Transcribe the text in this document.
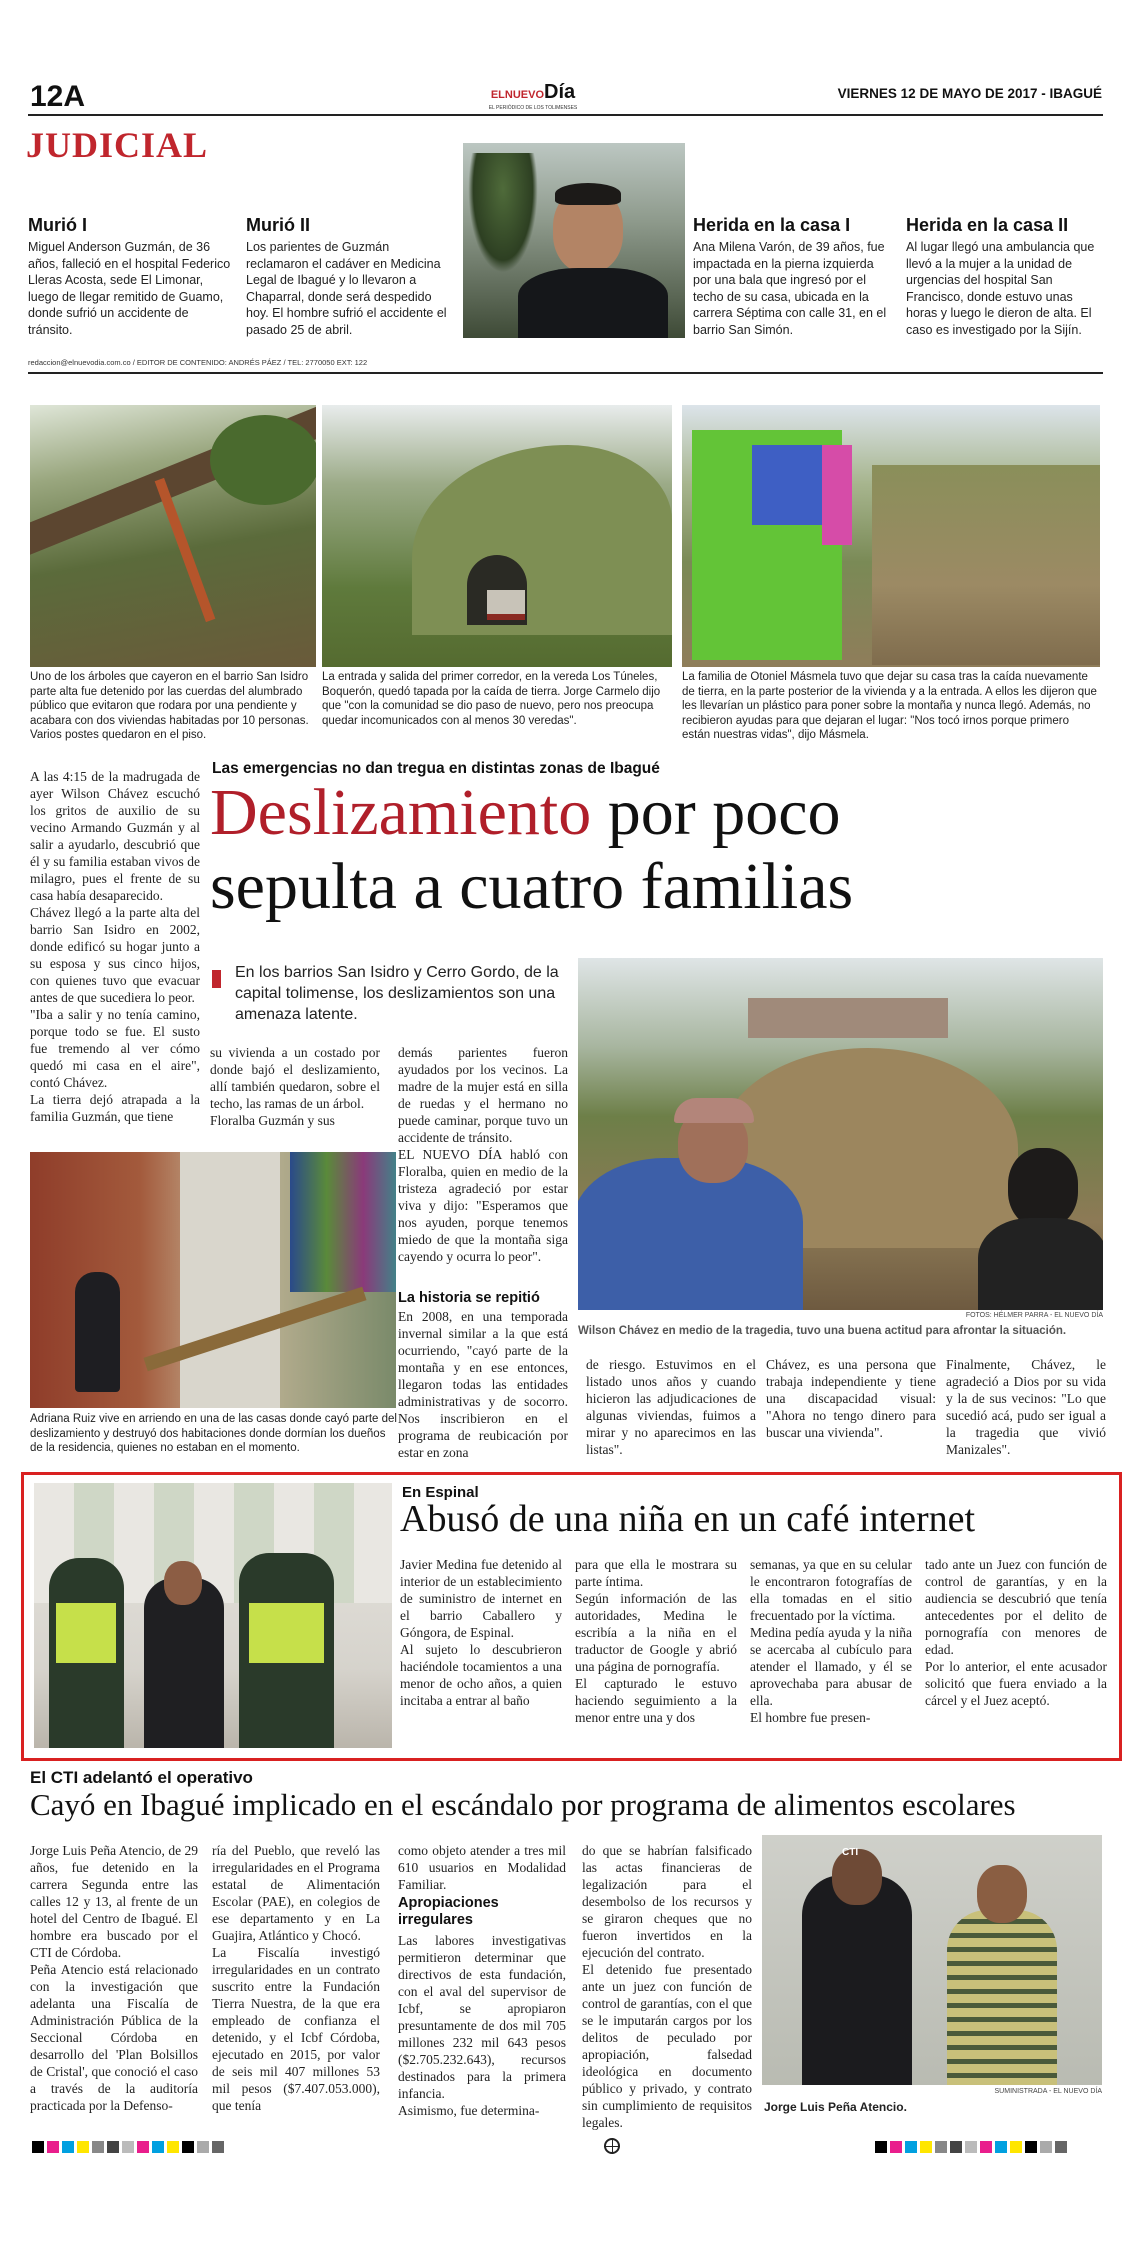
12A	ELNUEVODía
EL PERIÓDICO DE LOS TOLIMENSES
VIERNES 12 DE MAYO DE 2017 - IBAGUÉ
JUDICIAL
Murió I
Miguel Anderson Guzmán, de 36 años, falleció en el hospital Federico Lleras Acosta, sede El Limonar, luego de llegar remitido de Guamo, donde sufrió un accidente de tránsito.
Murió II
Los parientes de Guzmán reclamaron el cadáver en Medicina Legal de Ibagué y lo llevaron a Chaparral, donde será despedido hoy. El hombre sufrió el accidente el pasado 25 de abril.
Herida en la casa I
Ana Milena Varón, de 39 años, fue impactada en la pierna izquierda por una bala que ingresó por el techo de su casa, ubicada en la carrera Séptima con calle 31, en el barrio San Simón.
Herida en la casa II
Al lugar llegó una ambulancia que llevó a la mujer a la unidad de urgencias del hospital San Francisco, donde estuvo unas horas y luego le dieron de alta. El caso es investigado por la Sijín.
redaccion@elnuevodia.com.co / EDITOR DE CONTENIDO: ANDRÉS PÁEZ / TEL: 2770050 EXT: 122
Uno de los árboles que cayeron en el barrio San Isidro parte alta fue detenido por las cuerdas del alumbrado público que evitaron que rodara por una pendiente y acabara con dos viviendas habitadas por 10 personas. Varios postes quedaron en el piso.
La entrada y salida del primer corredor, en la vereda Los Túneles, Boquerón, quedó tapada por la caída de tierra. Jorge Carmelo dijo que "con la comunidad se dio paso de nuevo, pero nos preocupa quedar incomunicados con al menos 30 veredas".
La familia de Otoniel Másmela tuvo que dejar su casa tras la caída nuevamente de tierra, en la parte posterior de la vivienda y a la entrada. A ellos les dijeron que les llevarían un plástico para poner sobre la montaña y nunca llegó. Además, no recibieron ayudas para que dejaran el lugar: "Nos tocó irnos porque primero están nuestras vidas", dijo Másmela.
A las 4:15 de la madrugada de ayer Wilson Chávez escuchó los gritos de auxilio de su vecino Armando Guzmán y al salir a ayudarlo, descubrió que él y su familia estaban vivos de milagro, pues el frente de su casa había desaparecido.
Chávez llegó a la parte alta del barrio San Isidro en 2002, donde edificó su hogar junto a su esposa y sus cinco hijos, con quienes tuvo que evacuar antes de que sucediera lo peor.
"Iba a salir y no tenía camino, porque todo se fue. El susto fue tremendo al ver cómo quedó mi casa en el aire", contó Chávez.
La tierra dejó atrapada a la familia Guzmán, que tiene
Las emergencias no dan tregua en distintas zonas de Ibagué
Deslizamiento por poco
sepulta a cuatro familias
En los barrios San Isidro y Cerro Gordo, de la capital tolimense, los deslizamientos son una amenaza latente.
su vivienda a un costado por donde bajó el deslizamiento, allí también quedaron, sobre el techo, las ramas de un árbol.
Floralba Guzmán y sus
demás parientes fueron ayudados por los vecinos. La madre de la mujer está en silla de ruedas y el hermano no puede caminar, porque tuvo un accidente de tránsito.
EL NUEVO DÍA habló con Floralba, quien en medio de la tristeza agradeció por estar viva y dijo: "Esperamos que nos ayuden, porque tenemos miedo de que la montaña siga cayendo y ocurra lo peor".
La historia se repitió
En 2008, en una temporada invernal similar a la que está ocurriendo, "cayó parte de la montaña y en ese entonces, llegaron todas las entidades administrativas y de socorro. Nos inscribieron en el programa de reubicación por estar en zona
FOTOS: HÉLMER PARRA - EL NUEVO DÍA
Wilson Chávez en medio de la tragedia, tuvo una buena actitud para afrontar la situación.
Adriana Ruiz vive en arriendo en una de las casas donde cayó parte del deslizamiento y destruyó dos habitaciones donde dormían los dueños de la residencia, quienes no estaban en el momento.
de riesgo. Estuvimos en el listado unos años y cuando hicieron las adjudicaciones de algunas viviendas, fuimos a mirar y no aparecimos en las listas".
Chávez, es una persona que trabaja independiente y tiene una discapacidad visual: "Ahora no tengo dinero para buscar una vivienda".
Finalmente, Chávez, le agradeció a Dios por su vida y la de sus vecinos: "Lo que sucedió acá, pudo ser igual a la tragedia que vivió Manizales".
En Espinal
Abusó de una niña en un café internet
Javier Medina fue detenido al interior de un establecimiento de suministro de internet en el barrio Caballero y Góngora, de Espinal.
Al sujeto lo descubrieron haciéndole tocamientos a una menor de ocho años, a quien incitaba a entrar al baño
para que ella le mostrara su parte íntima.
Según información de las autoridades, Medina le escribía a la niña en el traductor de Google y abrió una página de pornografía.
El capturado le estuvo haciendo seguimiento a la menor entre una y dos
semanas, ya que en su celular le encontraron fotografías de ella tomadas en el sitio frecuentado por la víctima.
Medina pedía ayuda y la niña se acercaba al cubículo para atender el llamado, y él se aprovechaba para abusar de ella.
El hombre fue presen-
tado ante un Juez con función de control de garantías, y en la audiencia se descubrió que tenía antecedentes por el delito de pornografía con menores de edad.
Por lo anterior, el ente acusador solicitó que fuera enviado a la cárcel y el Juez aceptó.
El CTI adelantó el operativo
Cayó en Ibagué implicado en el escándalo por programa de alimentos escolares
Jorge Luis Peña Atencio, de 29 años, fue detenido en la carrera Segunda entre las calles 12 y 13, al frente de un hotel del Centro de Ibagué. El hombre era buscado por el CTI de Córdoba.
Peña Atencio está relacionado con la investigación que adelanta una Fiscalía de Administración Pública de la Seccional Córdoba en desarrollo del 'Plan Bolsillos de Cristal', que conoció el caso a través de la auditoría practicada por la Defenso-
ría del Pueblo, que reveló las irregularidades en el Programa estatal de Alimentación Escolar (PAE), en colegios de ese departamento y en La Guajira, Atlántico y Chocó.
La Fiscalía investigó irregularidades en un contrato suscrito entre la Fundación Tierra Nuestra, de la que era empleado de confianza el detenido, y el Icbf Córdoba, ejecutado en 2015, por valor de seis mil 407 millones 53 mil pesos ($7.407.053.000), que tenía
como objeto atender a tres mil 610 usuarios en Modalidad Familiar.
Apropiaciones irregulares
Las labores investigativas permitieron determinar que directivos de esta fundación, con el aval del supervisor de Icbf, se apropiaron presuntamente de dos mil 705 millones 232 mil 643 pesos ($2.705.232.643), recursos destinados para la primera infancia.
Asimismo, fue determina-
do que se habrían falsificado las actas financieras de legalización para el desembolso de los recursos y se giraron cheques que no fueron invertidos en la ejecución del contrato.
El detenido fue presentado ante un juez con función de control de garantías, con el que se le imputarán cargos por los delitos de peculado por apropiación, falsedad ideológica en documento público y privado, y contrato sin cumplimiento de requisitos legales.
CTI
SUMINISTRADA - EL NUEVO DÍA
Jorge Luis Peña Atencio.
